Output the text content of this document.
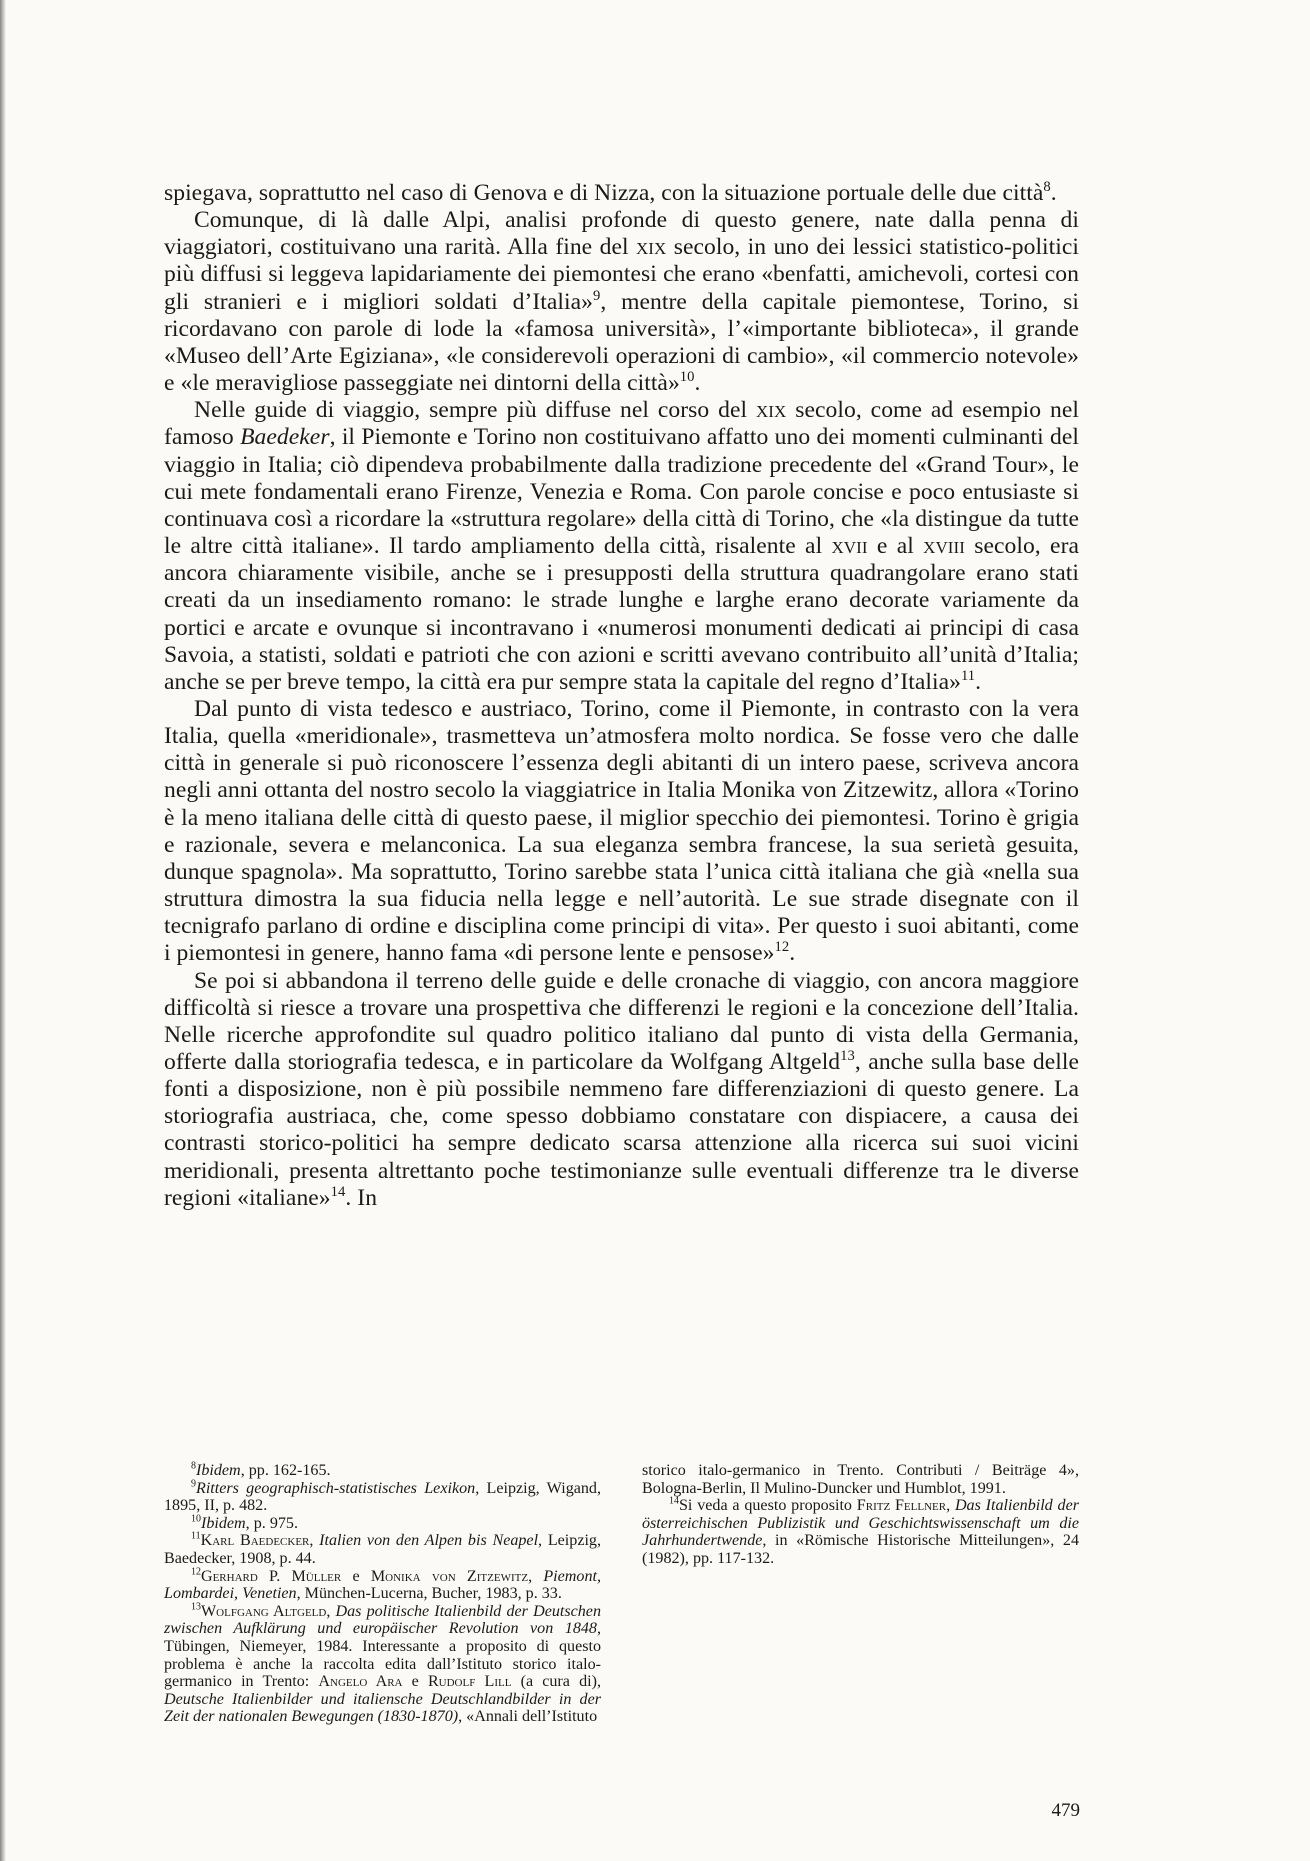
spiegava, soprattutto nel caso di Genova e di Nizza, con la situazione portuale delle due città$^8$.

Comunque, di là dalle Alpi, analisi profonde di questo genere, nate dalla penna di viaggiatori, costituivano una rarità. Alla fine del xix secolo, in uno dei lessici statistico-politici più diffusi si leggeva lapidariamente dei piemontesi che erano «benfatti, amichevoli, cortesi con gli stranieri e i migliori soldati d’Italia»$^9$, mentre della capitale piemontese, Torino, si ricordavano con parole di lode la «famosa università», l’«importante biblioteca», il grande «Museo dell’Arte Egiziana», «le considerevoli operazioni di cambio», «il commercio notevole» e «le meravigliose passeggiate nei dintorni della città»$^{10}$.

Nelle guide di viaggio, sempre più diffuse nel corso del xix secolo, come ad esempio nel famoso Baedeker, il Piemonte e Torino non costituivano affatto uno dei momenti culminanti del viaggio in Italia; ciò dipendeva probabilmente dalla tradizione precedente del «Grand Tour», le cui mete fondamentali erano Firenze, Venezia e Roma. Con parole concise e poco entusiaste si continuava così a ricordare la «struttura regolare» della città di Torino, che «la distingue da tutte le altre città italiane». Il tardo ampliamento della città, risalente al xvii e al xviii secolo, era ancora chiaramente visibile, anche se i presupposti della struttura quadrangolare erano stati creati da un insediamento romano: le strade lunghe e larghe erano decorate variamente da portici e arcate e ovunque si incontravano i «numerosi monumenti dedicati ai principi di casa Savoia, a statisti, soldati e patrioti che con azioni e scritti avevano contribuito all’unità d’Italia; anche se per breve tempo, la città era pur sempre stata la capitale del regno d’Italia»$^{11}$.

Dal punto di vista tedesco e austriaco, Torino, come il Piemonte, in contrasto con la vera Italia, quella «meridionale», trasmetteva un’atmosfera molto nordica. Se fosse vero che dalle città in generale si può riconoscere l’essenza degli abitanti di un intero paese, scriveva ancora negli anni ottanta del nostro secolo la viaggiatrice in Italia Monika von Zitzewitz, allora «Torino è la meno italiana delle città di questo paese, il miglior specchio dei piemontesi. Torino è grigia e razionale, severa e melanconica. La sua eleganza sembra francese, la sua serietà gesuita, dunque spagnola». Ma soprattutto, Torino sarebbe stata l’unica città italiana che già «nella sua struttura dimostra la sua fiducia nella legge e nell’autorità. Le sue strade disegnate con il tecnigrafo parlano di ordine e disciplina come principi di vita». Per questo i suoi abitanti, come i piemontesi in genere, hanno fama «di persone lente e pensose»$^{12}$.

Se poi si abbandona il terreno delle guide e delle cronache di viaggio, con ancora maggiore difficoltà si riesce a trovare una prospettiva che differenzi le regioni e la concezione dell’Italia. Nelle ricerche approfondite sul quadro politico italiano dal punto di vista della Germania, offerte dalla storiografia tedesca, e in particolare da Wolfgang Altgeld$^{13}$, anche sulla base delle fonti a disposizione, non è più possibile nemmeno fare differenziazioni di questo genere. La storiografia austriaca, che, come spesso dobbiamo constatare con dispiacere, a causa dei contrasti storico-politici ha sempre dedicato scarsa attenzione alla ricerca sui suoi vicini meridionali, presenta altrettanto poche testimonianze sulle eventuali differenze tra le diverse regioni «italiane»$^{14}$. In

$^8$Ibidem, pp. 162-165.

$^9$Ritters geographisch-statistisches Lexikon, Leipzig, Wigand, 1895, II, p. 482.

$^{10}$Ibidem, p. 975.

$^{11}$Karl Baedecker, Italien von den Alpen bis Neapel, Leipzig, Baedecker, 1908, p. 44.

$^{12}$Gerhard P. Müller e Monika von Zitzewitz, Piemont, Lombardei, Venetien, München-Lucerna, Bucher, 1983, p. 33.

$^{13}$Wolfgang Altgeld, Das politische Italienbild der Deutschen zwischen Aufklärung und europäischer Revolution von 1848, Tübingen, Niemeyer, 1984. Interessante a proposito di questo problema è anche la raccolta edita dall’Istituto storico italo-germanico in Trento: Angelo Ara e Rudolf Lill (a cura di), Deutsche Italienbilder und italiensche Deutschlandbilder in der Zeit der nationalen Bewegungen (1830-1870), «Annali dell’Istituto

storico italo-germanico in Trento. Contributi / Beiträge 4», Bologna-Berlin, Il Mulino-Duncker und Humblot, 1991.

$^{14}$Si veda a questo proposito Fritz Fellner, Das Italienbild der österreichischen Publizistik und Geschichtswissenschaft um die Jahrhundertwende, in «Römische Historische Mitteilungen», 24 (1982), pp. 117-132.

479
